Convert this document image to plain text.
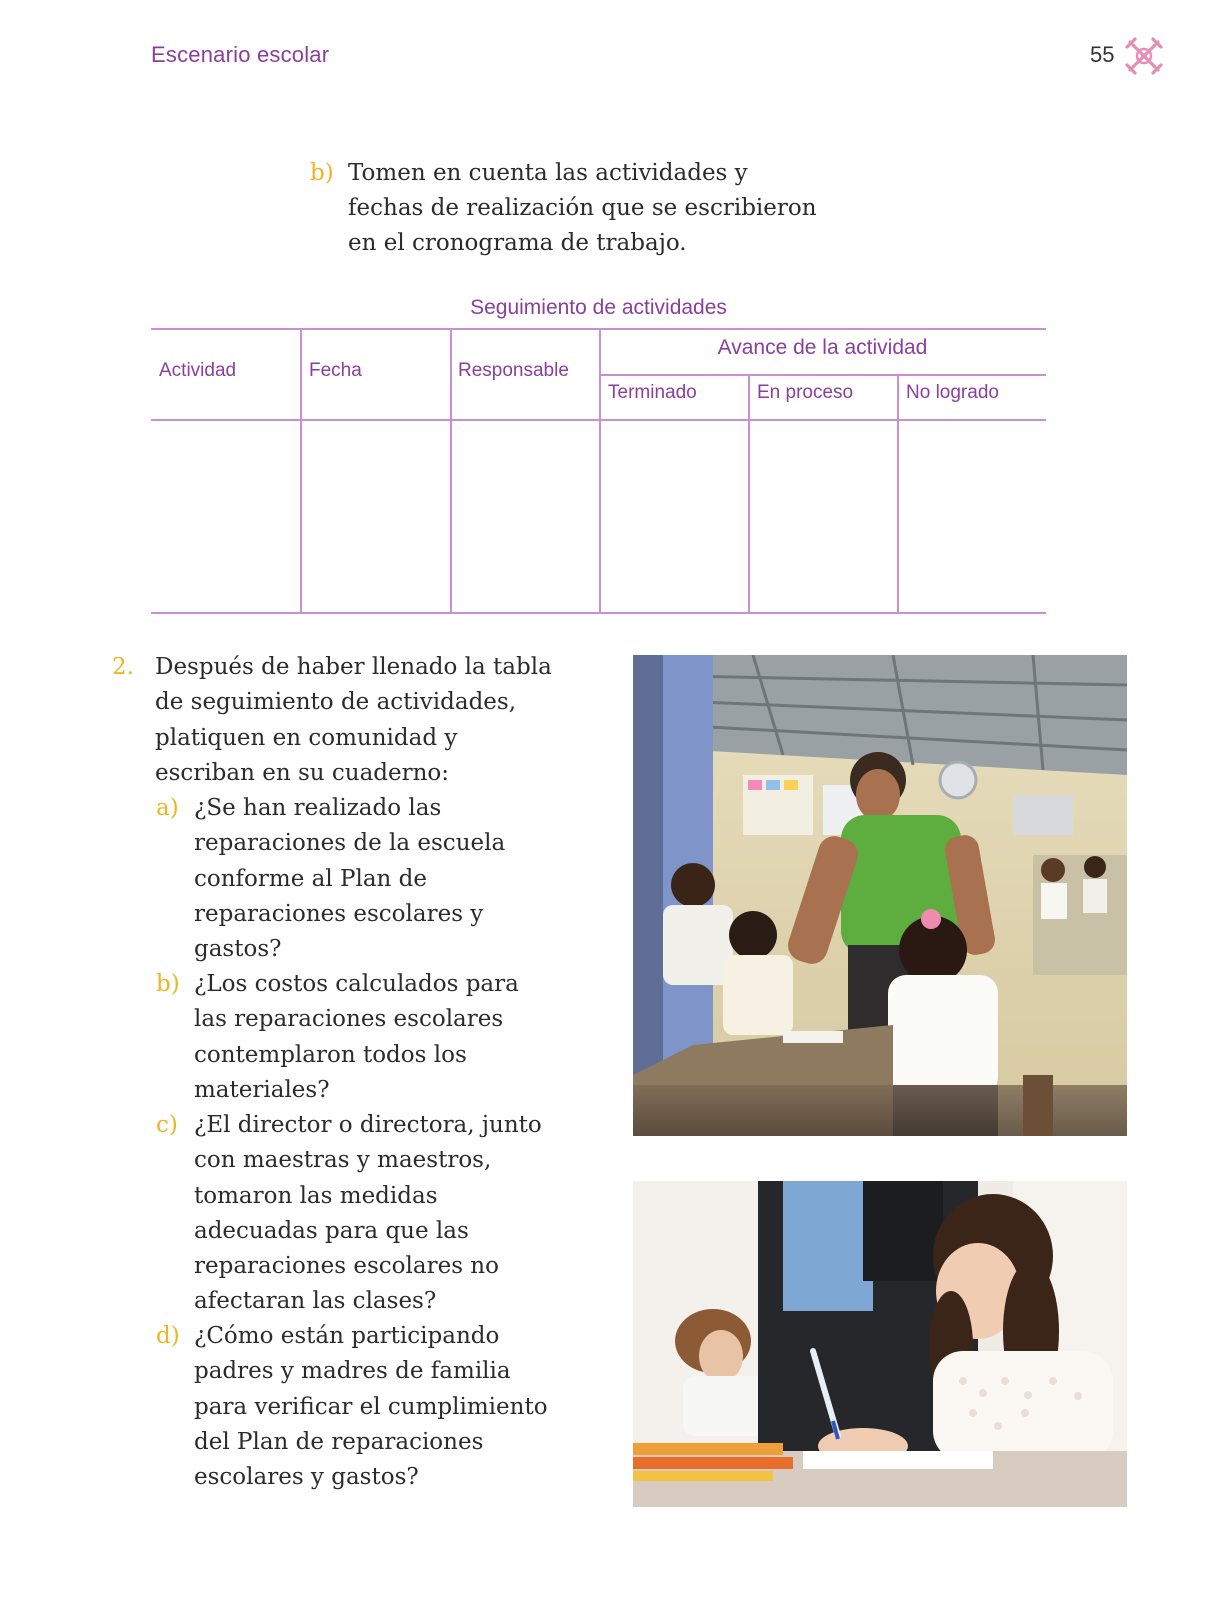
Escenario escolar	55
b) Tomen en cuenta las actividades y
fechas de realización que se escribieron
en el cronograma de trabajo.
Seguimiento de actividades
Actividad	Fecha	Responsable
Avance de la actividad
Terminado	En proceso	No logrado
2. Después de haber llenado la tabla
de seguimiento de actividades,
platiquen en comunidad y
escriban en su cuaderno:
a) ¿Se han realizado las
reparaciones de la escuela
conforme al Plan de
reparaciones escolares y
gastos?
b) ¿Los costos calculados para
las reparaciones escolares
contemplaron todos los
materiales?
c) ¿El director o directora, junto
con maestras y maestros,
tomaron las medidas
adecuadas para que las
reparaciones escolares no
afectaran las clases?
d) ¿Cómo están participando
padres y madres de familia
para verificar el cumplimiento
del Plan de reparaciones
escolares y gastos?
